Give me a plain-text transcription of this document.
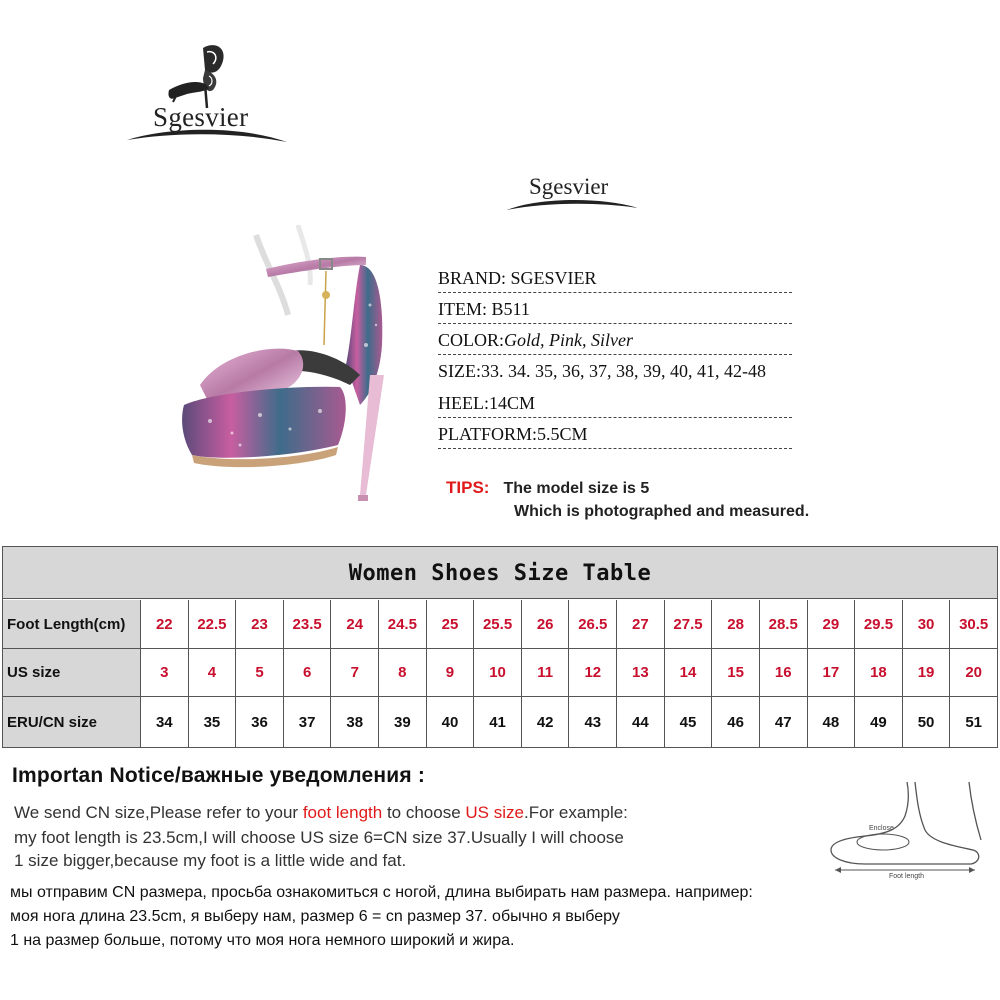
Sgesvier
Sgesvier
BRAND: SGESVIER
ITEM: B511
COLOR:Gold, Pink, Silver
SIZE:33. 34. 35, 36, 37, 38, 39, 40, 41, 42-48
HEEL:14CM
PLATFORM:5.5CM
TIPS: The model size is 5
Which is photographed and measured.
Women Shoes Size Table
Foot Length(cm)	22	22.5	23	23.5	24	24.5	25	25.5	26	26.5	27	27.5	28	28.5	29	29.5	30	30.5
US size	3	4	5	6	7	8	9	10	11	12	13	14	15	16	17	18	19	20
ERU/CN size	34	35	36	37	38	39	40	41	42	43	44	45	46	47	48	49	50	51
Importan Notice/важные уведомления :
We send CN size,Please refer to your foot length to choose US size.For example:
my foot length is 23.5cm,I will choose US size 6=CN size 37.Usually I will choose
1 size bigger,because my foot is a little wide and fat.
мы отправим CN размера, просьба ознакомиться с ногой, длина выбирать нам размера. например:
моя нога длина 23.5cm, я выберу нам, размер 6 = cn размер 37. обычно я выберу
1 на размер больше, потому что моя нога немного широкий и жира.
Enclose
Foot length
